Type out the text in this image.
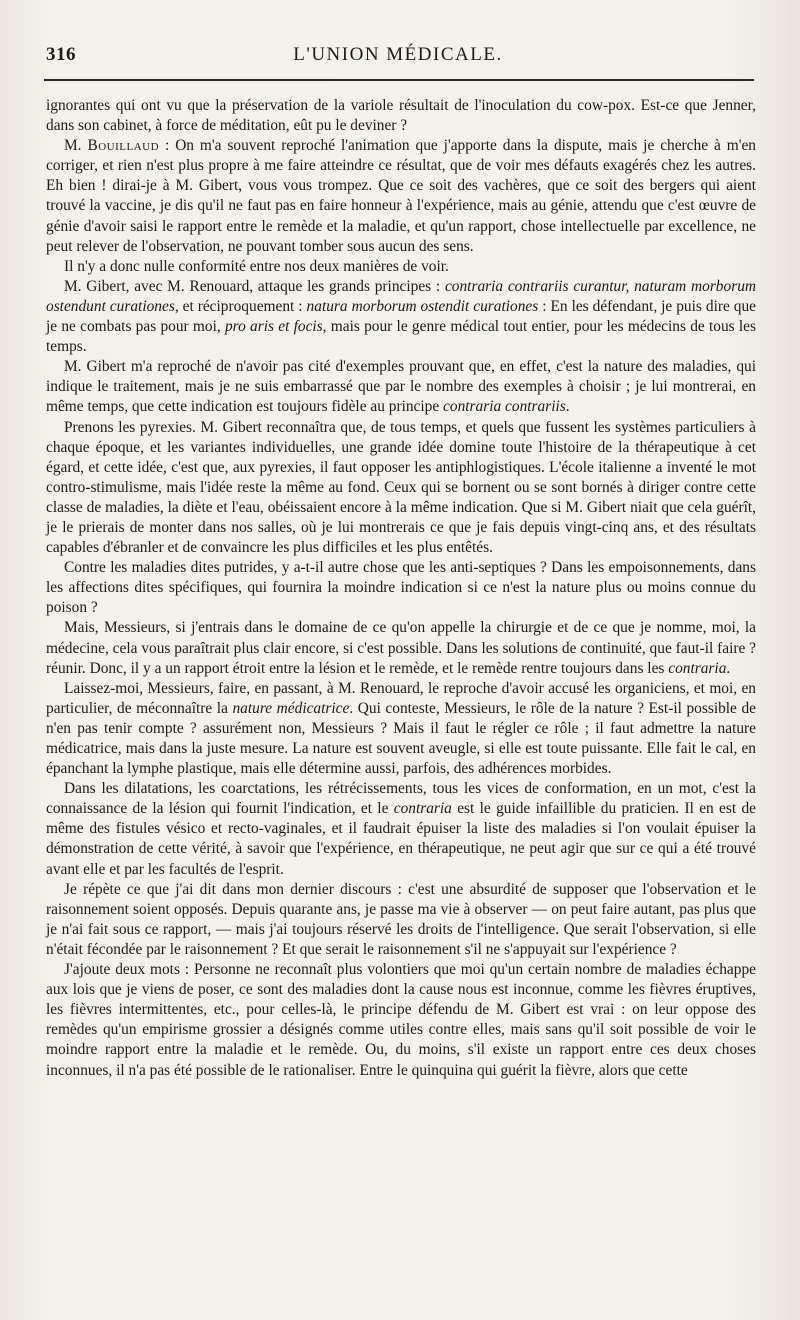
316	L'UNION MÉDICALE.

ignorantes qui ont vu que la préservation de la variole résultait de l'inoculation du cow-pox. Est-ce que Jenner, dans son cabinet, à force de méditation, eût pu le deviner ?

M. Bouillaud : On m'a souvent reproché l'animation que j'apporte dans la dispute, mais je cherche à m'en corriger, et rien n'est plus propre à me faire atteindre ce résultat, que de voir mes défauts exagérés chez les autres. Eh bien ! dirai-je à M. Gibert, vous vous trompez. Que ce soit des vachères, que ce soit des bergers qui aient trouvé la vaccine, je dis qu'il ne faut pas en faire honneur à l'expérience, mais au génie, attendu que c'est œuvre de génie d'avoir saisi le rapport entre le remède et la maladie, et qu'un rapport, chose intellectuelle par excellence, ne peut relever de l'observation, ne pouvant tomber sous aucun des sens.

Il n'y a donc nulle conformité entre nos deux manières de voir.

M. Gibert, avec M. Renouard, attaque les grands principes : contraria contrariis curantur, naturam morborum ostendunt curationes, et réciproquement : natura morborum ostendit curationes : En les défendant, je puis dire que je ne combats pas pour moi, pro aris et focis, mais pour le genre médical tout entier, pour les médecins de tous les temps.

M. Gibert m'a reproché de n'avoir pas cité d'exemples prouvant que, en effet, c'est la nature des maladies, qui indique le traitement, mais je ne suis embarrassé que par le nombre des exemples à choisir ; je lui montrerai, en même temps, que cette indication est toujours fidèle au principe contraria contrariis.

Prenons les pyrexies. M. Gibert reconnaîtra que, de tous temps, et quels que fussent les systèmes particuliers à chaque époque, et les variantes individuelles, une grande idée domine toute l'histoire de la thérapeutique à cet égard, et cette idée, c'est que, aux pyrexies, il faut opposer les antiphlogistiques. L'école italienne a inventé le mot contro-stimulisme, mais l'idée reste la même au fond. Ceux qui se bornent ou se sont bornés à diriger contre cette classe de maladies, la diète et l'eau, obéissaient encore à la même indication. Que si M. Gibert niait que cela guérît, je le prierais de monter dans nos salles, où je lui montrerais ce que je fais depuis vingt-cinq ans, et des résultats capables d'ébranler et de convaincre les plus difficiles et les plus entêtés.

Contre les maladies dites putrides, y a-t-il autre chose que les anti-septiques ? Dans les empoisonnements, dans les affections dites spécifiques, qui fournira la moindre indication si ce n'est la nature plus ou moins connue du poison ?

Mais, Messieurs, si j'entrais dans le domaine de ce qu'on appelle la chirurgie et de ce que je nomme, moi, la médecine, cela vous paraîtrait plus clair encore, si c'est possible. Dans les solutions de continuité, que faut-il faire ? réunir. Donc, il y a un rapport étroit entre la lésion et le remède, et le remède rentre toujours dans les contraria.

Laissez-moi, Messieurs, faire, en passant, à M. Renouard, le reproche d'avoir accusé les organiciens, et moi, en particulier, de méconnaître la nature médicatrice. Qui conteste, Messieurs, le rôle de la nature ? Est-il possible de n'en pas tenir compte ? assurément non, Messieurs ? Mais il faut le régler ce rôle ; il faut admettre la nature médicatrice, mais dans la juste mesure. La nature est souvent aveugle, si elle est toute puissante. Elle fait le cal, en épanchant la lymphe plastique, mais elle détermine aussi, parfois, des adhérences morbides.

Dans les dilatations, les coarctations, les rétrécissements, tous les vices de conformation, en un mot, c'est la connaissance de la lésion qui fournit l'indication, et le contraria est le guide infaillible du praticien. Il en est de même des fistules vésico et recto-vaginales, et il faudrait épuiser la liste des maladies si l'on voulait épuiser la démonstration de cette vérité, à savoir que l'expérience, en thérapeutique, ne peut agir que sur ce qui a été trouvé avant elle et par les facultés de l'esprit.

Je répète ce que j'ai dit dans mon dernier discours : c'est une absurdité de supposer que l'observation et le raisonnement soient opposés. Depuis quarante ans, je passe ma vie à observer — on peut faire autant, pas plus que je n'ai fait sous ce rapport, — mais j'ai toujours réservé les droits de l'intelligence. Que serait l'observation, si elle n'était fécondée par le raisonnement ? Et que serait le raisonnement s'il ne s'appuyait sur l'expérience ?

J'ajoute deux mots : Personne ne reconnaît plus volontiers que moi qu'un certain nombre de maladies échappe aux lois que je viens de poser, ce sont des maladies dont la cause nous est inconnue, comme les fièvres éruptives, les fièvres intermittentes, etc., pour celles-là, le principe défendu de M. Gibert est vrai : on leur oppose des remèdes qu'un empirisme grossier a désignés comme utiles contre elles, mais sans qu'il soit possible de voir le moindre rapport entre la maladie et le remède. Ou, du moins, s'il existe un rapport entre ces deux choses inconnues, il n'a pas été possible de le rationaliser. Entre le quinquina qui guérit la fièvre, alors que cette
